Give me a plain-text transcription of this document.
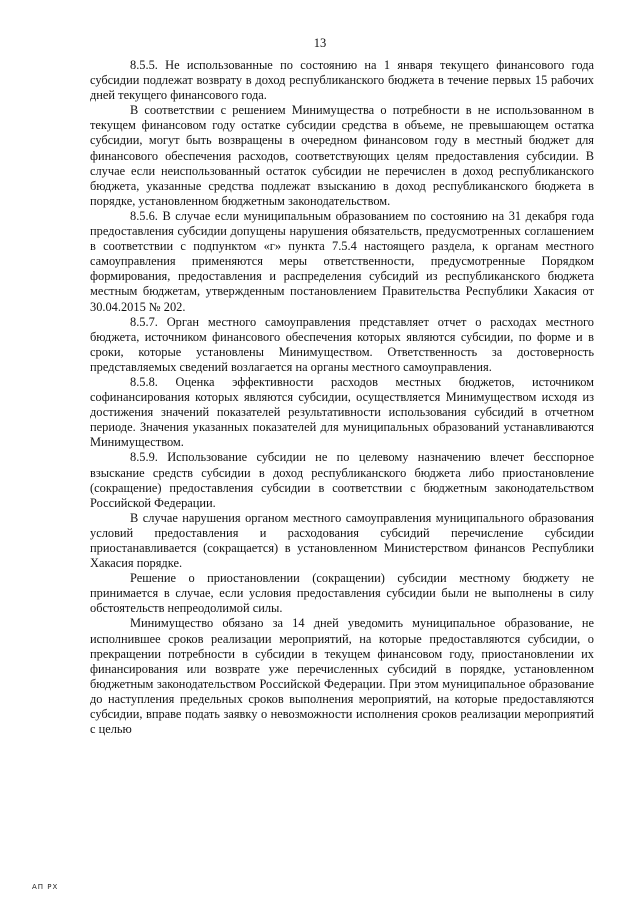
13

8.5.5. Не использованные по состоянию на 1 января текущего финансового года субсидии подлежат возврату в доход республиканского бюджета в течение первых 15 рабочих дней текущего финансового года.

В соответствии с решением Минимущества о потребности в не использованном в текущем финансовом году остатке субсидии средства в объеме, не превышающем остатка субсидии, могут быть возвращены в очередном финансовом году в местный бюджет для финансового обеспечения расходов, соответствующих целям предоставления субсидии. В случае если неиспользованный остаток субсидии не перечислен в доход республиканского бюджета, указанные средства подлежат взысканию в доход республиканского бюджета в порядке, установленном бюджетным законодательством.

8.5.6. В случае если муниципальным образованием по состоянию на 31 декабря года предоставления субсидии допущены нарушения обязательств, предусмотренных соглашением в соответствии с подпунктом «г» пункта 7.5.4 настоящего раздела, к органам местного самоуправления применяются меры ответственности, предусмотренные Порядком формирования, предоставления и распределения субсидий из республиканского бюджета местным бюджетам, утвержденным постановлением Правительства Республики Хакасия от 30.04.2015 № 202.

8.5.7. Орган местного самоуправления представляет отчет о расходах местного бюджета, источником финансового обеспечения которых являются субсидии, по форме и в сроки, которые установлены Минимуществом. Ответственность за достоверность представляемых сведений возлагается на органы местного самоуправления.

8.5.8. Оценка эффективности расходов местных бюджетов, источником софинансирования которых являются субсидии, осуществляется Минимуществом исходя из достижения значений показателей результативности использования субсидий в отчетном периоде. Значения указанных показателей для муниципальных образований устанавливаются Минимуществом.

8.5.9. Использование субсидии не по целевому назначению влечет бесспорное взыскание средств субсидии в доход республиканского бюджета либо приостановление (сокращение) предоставления субсидии в соответствии с бюджетным законодательством Российской Федерации.

В случае нарушения органом местного самоуправления муниципального образования условий предоставления и расходования субсидий перечисление субсидии приостанавливается (сокращается) в установленном Министерством финансов Республики Хакасия порядке.

Решение о приостановлении (сокращении) субсидии местному бюджету не принимается в случае, если условия предоставления субсидии были не выполнены в силу обстоятельств непреодолимой силы.

Минимущество обязано за 14 дней уведомить муниципальное образование, не исполнившее сроков реализации мероприятий, на которые предоставляются субсидии, о прекращении потребности в субсидии в текущем финансовом году, приостановлении их финансирования или возврате уже перечисленных субсидий в порядке, установленном бюджетным законодательством Российской Федерации. При этом муниципальное образование до наступления предельных сроков выполнения мероприятий, на которые предоставляются субсидии, вправе подать заявку о невозможности исполнения сроков реализации мероприятий с целью

АП РХ
